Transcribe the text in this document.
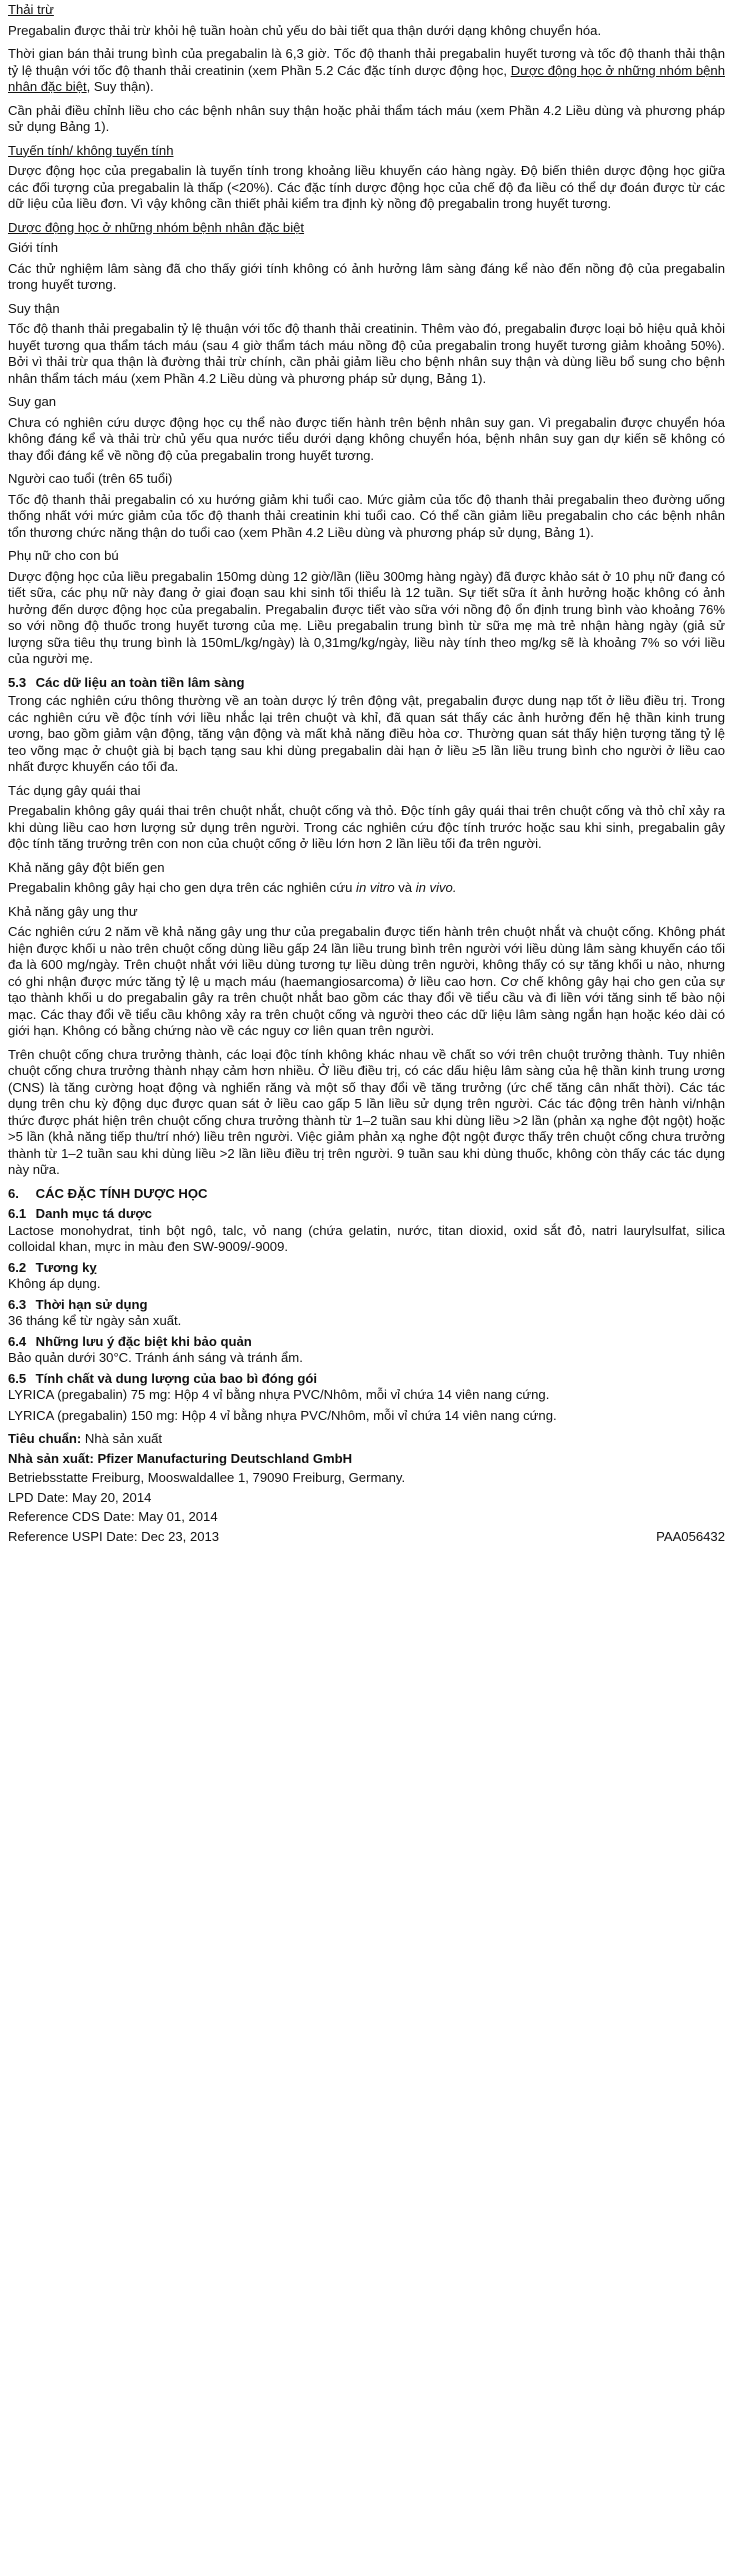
Thải trừ
Pregabalin được thải trừ khỏi hệ tuần hoàn chủ yếu do bài tiết qua thận dưới dạng không chuyển hóa.
Thời gian bán thải trung bình của pregabalin là 6,3 giờ. Tốc độ thanh thải pregabalin huyết tương và tốc độ thanh thải thận tỷ lệ thuận với tốc độ thanh thải creatinin (xem Phần 5.2 Các đặc tính dược động học, Dược động học ở những nhóm bệnh nhân đặc biệt, Suy thận).
Cần phải điều chỉnh liều cho các bệnh nhân suy thận hoặc phải thẩm tách máu (xem Phần 4.2 Liều dùng và phương pháp sử dụng Bảng 1).
Tuyến tính/ không tuyến tính
Dược động học của pregabalin là tuyến tính trong khoảng liều khuyến cáo hàng ngày. Độ biến thiên dược động học giữa các đối tượng của pregabalin là thấp (<20%). Các đặc tính dược động học của chế độ đa liều có thể dự đoán được từ các dữ liệu của liều đơn. Vì vậy không cần thiết phải kiểm tra định kỳ nồng độ pregabalin trong huyết tương.
Dược động học ở những nhóm bệnh nhân đặc biệt
Giới tính
Các thử nghiệm lâm sàng đã cho thấy giới tính không có ảnh hưởng lâm sàng đáng kể nào đến nồng độ của pregabalin trong huyết tương.
Suy thận
Tốc độ thanh thải pregabalin tỷ lệ thuận với tốc độ thanh thải creatinin. Thêm vào đó, pregabalin được loại bỏ hiệu quả khỏi huyết tương qua thẩm tách máu (sau 4 giờ thẩm tách máu nồng độ của pregabalin trong huyết tương giảm khoảng 50%). Bởi vì thải trừ qua thận là đường thải trừ chính, cần phải giảm liều cho bệnh nhân suy thận và dùng liều bổ sung cho bệnh nhân thẩm tách máu (xem Phần 4.2 Liều dùng và phương pháp sử dụng, Bảng 1).
Suy gan
Chưa có nghiên cứu dược động học cụ thể nào được tiến hành trên bệnh nhân suy gan. Vì pregabalin được chuyển hóa không đáng kể và thải trừ chủ yếu qua nước tiểu dưới dạng không chuyển hóa, bệnh nhân suy gan dự kiến sẽ không có thay đổi đáng kể về nồng độ của pregabalin trong huyết tương.
Người cao tuổi (trên 65 tuổi)
Tốc độ thanh thải pregabalin có xu hướng giảm khi tuổi cao. Mức giảm của tốc độ thanh thải pregabalin theo đường uống thống nhất với mức giảm của tốc độ thanh thải creatinin khi tuổi cao. Có thể cần giảm liều pregabalin cho các bệnh nhân tổn thương chức năng thận do tuổi cao (xem Phần 4.2 Liều dùng và phương pháp sử dụng, Bảng 1).
Phụ nữ cho con bú
Dược động học của liều pregabalin 150mg dùng 12 giờ/lần (liều 300mg hàng ngày) đã được khảo sát ở 10 phụ nữ đang có tiết sữa, các phụ nữ này đang ở giai đoạn sau khi sinh tối thiểu là 12 tuần. Sự tiết sữa ít ảnh hưởng hoặc không có ảnh hưởng đến dược động học của pregabalin. Pregabalin được tiết vào sữa với nồng độ ổn định trung bình vào khoảng 76% so với nồng độ thuốc trong huyết tương của mẹ. Liều pregabalin trung bình từ sữa mẹ mà trẻ nhận hàng ngày (giả sử lượng sữa tiêu thụ trung bình là 150mL/kg/ngày) là 0,31mg/kg/ngày, liều này tính theo mg/kg sẽ là khoảng 7% so với liều của người mẹ.
5.3 Các dữ liệu an toàn tiền lâm sàng
Trong các nghiên cứu thông thường về an toàn dược lý trên động vật, pregabalin được dung nạp tốt ở liều điều trị. Trong các nghiên cứu về độc tính với liều nhắc lại trên chuột và khỉ, đã quan sát thấy các ảnh hưởng đến hệ thần kinh trung ương, bao gồm giảm vận động, tăng vận động và mất khả năng điều hòa cơ. Thường quan sát thấy hiện tượng tăng tỷ lệ teo võng mạc ở chuột già bị bạch tạng sau khi dùng pregabalin dài hạn ở liều ≥5 lần liều trung bình cho người ở liều cao nhất được khuyến cáo tối đa.
Tác dụng gây quái thai
Pregabalin không gây quái thai trên chuột nhắt, chuột cống và thỏ. Độc tính gây quái thai trên chuột cống và thỏ chỉ xảy ra khi dùng liều cao hơn lượng sử dụng trên người. Trong các nghiên cứu độc tính trước hoặc sau khi sinh, pregabalin gây độc tính tăng trưởng trên con non của chuột cống ở liều lớn hơn 2 lần liều tối đa trên người.
Khả năng gây đột biến gen
Pregabalin không gây hại cho gen dựa trên các nghiên cứu in vitro và in vivo.
Khả năng gây ung thư
Các nghiên cứu 2 năm về khả năng gây ung thư của pregabalin được tiến hành trên chuột nhắt và chuột cống. Không phát hiện được khối u nào trên chuột cống dùng liều gấp 24 lần liều trung bình trên người với liều dùng lâm sàng khuyến cáo tối đa là 600 mg/ngày. Trên chuột nhắt với liều dùng tương tự liều dùng trên người, không thấy có sự tăng khối u nào, nhưng có ghi nhận được mức tăng tỷ lệ u mạch máu (haemangiosarcoma) ở liều cao hơn. Cơ chế không gây hại cho gen của sự tạo thành khối u do pregabalin gây ra trên chuột nhắt bao gồm các thay đổi về tiểu cầu và đi liền với tăng sinh tế bào nội mạc. Các thay đổi về tiểu cầu không xảy ra trên chuột cống và người theo các dữ liệu lâm sàng ngắn hạn hoặc kéo dài có giới hạn. Không có bằng chứng nào về các nguy cơ liên quan trên người.
Trên chuột cống chưa trưởng thành, các loại độc tính không khác nhau về chất so với trên chuột trưởng thành. Tuy nhiên chuột cống chưa trưởng thành nhạy cảm hơn nhiều. Ở liều điều trị, có các dấu hiệu lâm sàng của hệ thần kinh trung ương (CNS) là tăng cường hoạt động và nghiến răng và một số thay đổi về tăng trưởng (ức chế tăng cân nhất thời). Các tác dụng trên chu kỳ động dục được quan sát ở liều cao gấp 5 lần liều sử dụng trên người. Các tác động trên hành vi/nhận thức được phát hiện trên chuột cống chưa trưởng thành từ 1–2 tuần sau khi dùng liều >2 lần (phản xạ nghe đột ngột) hoặc >5 lần (khả năng tiếp thu/trí nhớ) liều trên người. Việc giảm phản xạ nghe đột ngột được thấy trên chuột cống chưa trưởng thành từ 1–2 tuần sau khi dùng liều >2 lần liều điều trị trên người. 9 tuần sau khi dùng thuốc, không còn thấy các tác dụng này nữa.
6. CÁC ĐẶC TÍNH DƯỢC HỌC
6.1 Danh mục tá dược
Lactose monohydrat, tinh bột ngô, talc, vỏ nang (chứa gelatin, nước, titan dioxid, oxid sắt đỏ, natri laurylsulfat, silica colloidal khan, mực in màu đen SW-9009/-9009.
6.2 Tương kỵ
Không áp dụng.
6.3 Thời hạn sử dụng
36 tháng kể từ ngày sản xuất.
6.4 Những lưu ý đặc biệt khi bảo quản
Bảo quản dưới 30°C. Tránh ánh sáng và tránh ẩm.
6.5 Tính chất và dung lượng của bao bì đóng gói
LYRICA (pregabalin) 75 mg: Hộp 4 vỉ bằng nhựa PVC/Nhôm, mỗi vỉ chứa 14 viên nang cứng.
LYRICA (pregabalin) 150 mg: Hộp 4 vỉ bằng nhựa PVC/Nhôm, mỗi vỉ chứa 14 viên nang cứng.
Tiêu chuẩn: Nhà sản xuất
Nhà sản xuất: Pfizer Manufacturing Deutschland GmbH
Betriebsstatte Freiburg, Mooswaldallee 1, 79090 Freiburg, Germany.
LPD Date: May 20, 2014
Reference CDS Date: May 01, 2014
Reference USPI Date: Dec 23, 2013	PAA056432
